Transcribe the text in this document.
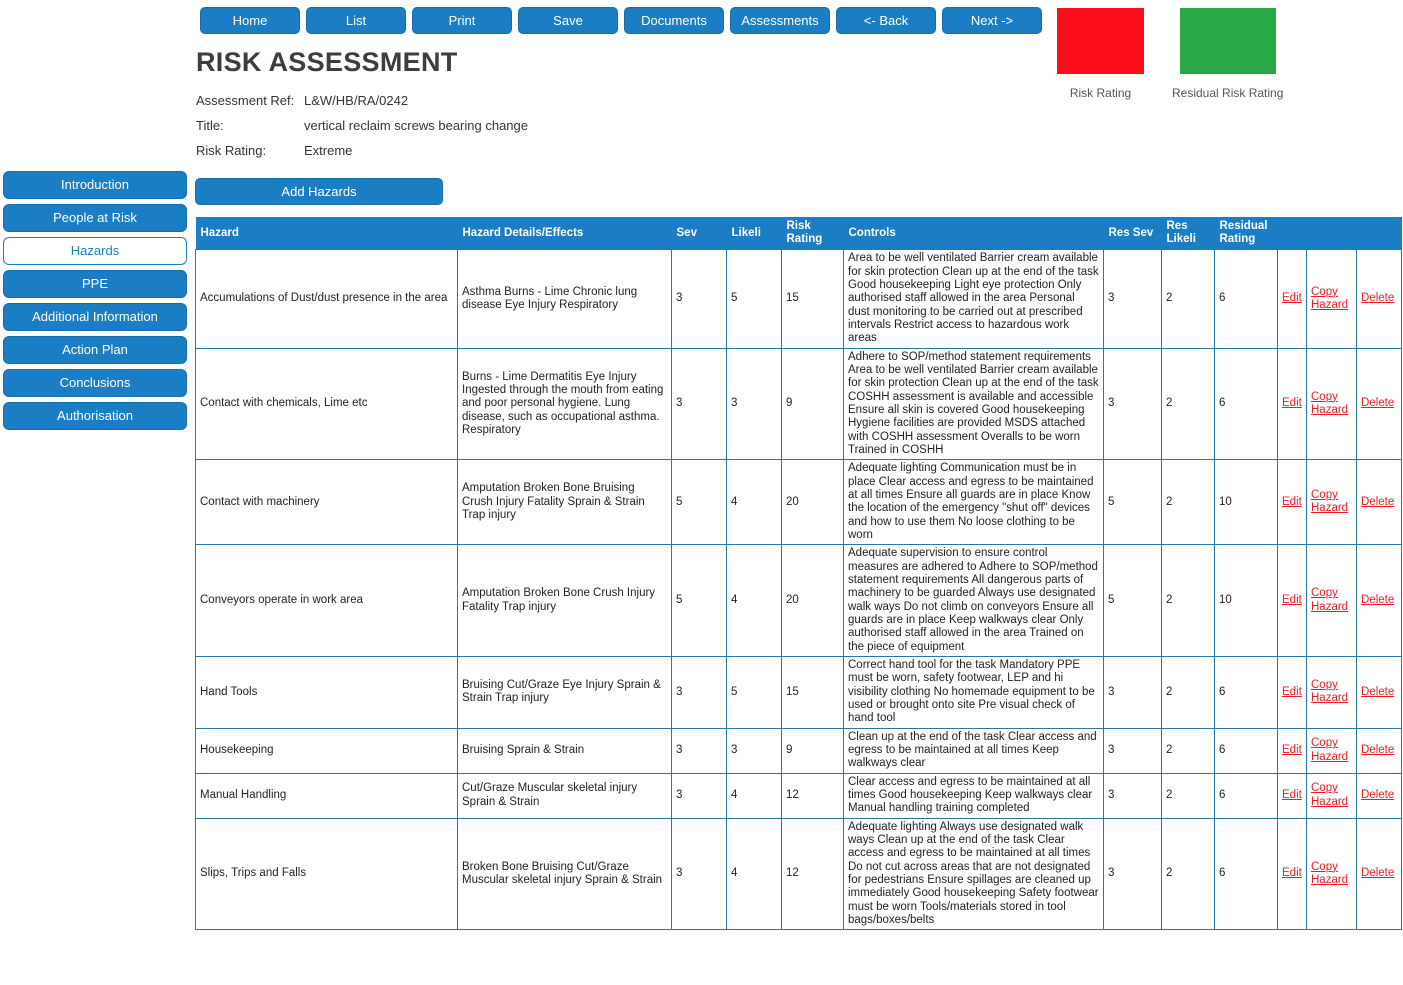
Home	List	Print	Save	Documents	Assessments	<- Back	Next ->
Risk Rating	Residual Risk Rating
RISK ASSESSMENT
Assessment Ref: L&W/HB/RA/0242
Title:	vertical reclaim screws bearing change
Risk Rating:	Extreme
Introduction
People at Risk
Hazards
PPE
Additional Information
Action Plan
Conclusions
Authorisation
Add Hazards
Hazard	Hazard Details/Effects	Sev	Likeli	Risk Rating	Controls	Res Sev	Res Likeli	Residual Rating			
Accumulations of Dust/dust presence in the area	Asthma Burns - Lime Chronic lung disease Eye Injury Respiratory	3	5	15	Area to be well ventilated Barrier cream available for skin protection Clean up at the end of the task Good housekeeping Light eye protection Only authorised staff allowed in the area Personal dust monitoring to be carried out at prescribed intervals Restrict access to hazardous work areas	3	2	6	Edit	Copy Hazard	Delete
Contact with chemicals, Lime etc	Burns - Lime Dermatitis Eye Injury Ingested through the mouth from eating and poor personal hygiene. Lung disease, such as occupational asthma. Respiratory	3	3	9	Adhere to SOP/method statement requirements Area to be well ventilated Barrier cream available for skin protection Clean up at the end of the task COSHH assessment is available and accessible Ensure all skin is covered Good housekeeping Hygiene facilities are provided MSDS attached with COSHH assessment Overalls to be worn Trained in COSHH	3	2	6	Edit	Copy Hazard	Delete
Contact with machinery	Amputation Broken Bone Bruising Crush Injury Fatality Sprain & Strain Trap injury	5	4	20	Adequate lighting Communication must be in place Clear access and egress to be maintained at all times Ensure all guards are in place Know the location of the emergency "shut off" devices and how to use them No loose clothing to be worn	5	2	10	Edit	Copy Hazard	Delete
Conveyors operate in work area	Amputation Broken Bone Crush Injury Fatality Trap injury	5	4	20	Adequate supervision to ensure control measures are adhered to Adhere to SOP/method statement requirements All dangerous parts of machinery to be guarded Always use designated walk ways Do not climb on conveyors Ensure all guards are in place Keep walkways clear Only authorised staff allowed in the area Trained on the piece of equipment	5	2	10	Edit	Copy Hazard	Delete
Hand Tools	Bruising Cut/Graze Eye Injury Sprain & Strain Trap injury	3	5	15	Correct hand tool for the task Mandatory PPE must be worn, safety footwear, LEP and hi visibility clothing No homemade equipment to be used or brought onto site Pre visual check of hand tool	3	2	6	Edit	Copy Hazard	Delete
Housekeeping	Bruising Sprain & Strain	3	3	9	Clean up at the end of the task Clear access and egress to be maintained at all times Keep walkways clear	3	2	6	Edit	Copy Hazard	Delete
Manual Handling	Cut/Graze Muscular skeletal injury Sprain & Strain	3	4	12	Clear access and egress to be maintained at all times Good housekeeping Keep walkways clear Manual handling training completed	3	2	6	Edit	Copy Hazard	Delete
Slips, Trips and Falls	Broken Bone Bruising Cut/Graze Muscular skeletal injury Sprain & Strain	3	4	12	Adequate lighting Always use designated walk ways Clean up at the end of the task Clear access and egress to be maintained at all times Do not cut across areas that are not designated for pedestrians Ensure spillages are cleaned up immediately Good housekeeping Safety footwear must be worn Tools/materials stored in tool bags/boxes/belts	3	2	6	Edit	Copy Hazard	Delete
